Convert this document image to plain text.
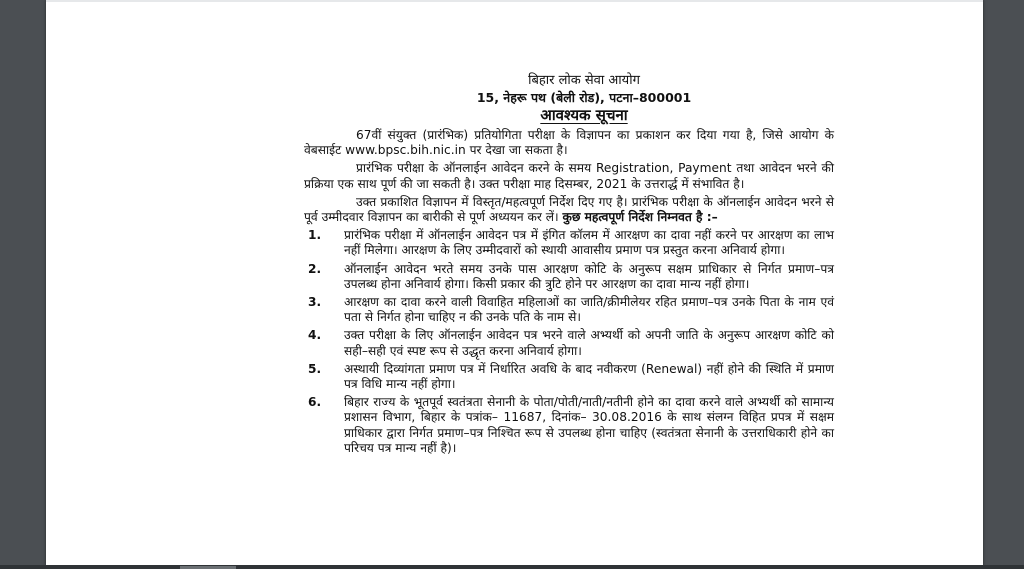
बिहार लोक सेवा आयोग
15, नेहरू पथ (बेली रोड), पटना–800001
आवश्यक सूचना
67वीं संयुक्त (प्रारंभिक) प्रतियोगिता परीक्षा के विज्ञापन का प्रकाशन कर दिया गया है, जिसे आयोग के वेबसाईट www.bpsc.bih.nic.in पर देखा जा सकता है।
प्रारंभिक परीक्षा के ऑनलाईन आवेदन करने के समय Registration, Payment तथा आवेदन भरने की प्रक्रिया एक साथ पूर्ण की जा सकती है। उक्त परीक्षा माह दिसम्बर, 2021 के उत्तरार्द्ध में संभावित है।
उक्त प्रकाशित विज्ञापन में विस्तृत/महत्वपूर्ण निर्देश दिए गए है। प्रारंभिक परीक्षा के ऑनलाईन आवेदन भरने से पूर्व उम्मीदवार विज्ञापन का बारीकी से पूर्ण अध्ययन कर लें। कुछ महत्वपूर्ण निर्देश निम्नवत है :–
1.	प्रारंभिक परीक्षा में ऑनलाईन आवेदन पत्र में इंगित कॉलम में आरक्षण का दावा नहीं करने पर आरक्षण का लाभ नहीं मिलेगा। आरक्षण के लिए उम्मीदवारों को स्थायी आवासीय प्रमाण पत्र प्रस्तुत करना अनिवार्य होगा।
2.	ऑनलाईन आवेदन भरते समय उनके पास आरक्षण कोटि के अनुरूप सक्षम प्राधिकार से निर्गत प्रमाण–पत्र उपलब्ध होना अनिवार्य होगा। किसी प्रकार की त्रुटि होने पर आरक्षण का दावा मान्य नहीं होगा।
3.	आरक्षण का दावा करने वाली विवाहित महिलाओं का जाति/क्रीमीलेयर रहित प्रमाण–पत्र उनके पिता के नाम एवं पता से निर्गत होना चाहिए न की उनके पति के नाम से।
4.	उक्त परीक्षा के लिए ऑनलाईन आवेदन पत्र भरने वाले अभ्यर्थी को अपनी जाति के अनुरूप आरक्षण कोटि को सही–सही एवं स्पष्ट रूप से उद्धृत करना अनिवार्य होगा।
5.	अस्थायी दिव्यांगता प्रमाण पत्र में निर्धारित अवधि के बाद नवीकरण (Renewal) नहीं होने की स्थिति में प्रमाण पत्र विधि मान्य नहीं होगा।
6.	बिहार राज्य के भूतपूर्व स्वतंत्रता सेनानी के पोता/पोती/नाती/नतीनी होने का दावा करने वाले अभ्यर्थी को सामान्य प्रशासन विभाग, बिहार के पत्रांक– 11687, दिनांक– 30.08.2016 के साथ संलग्न विहित प्रपत्र में सक्षम प्राधिकार द्वारा निर्गत प्रमाण–पत्र निश्चित रूप से उपलब्ध होना चाहिए (स्वतंत्रता सेनानी के उत्तराधिकारी होने का परिचय पत्र मान्य नहीं है)।
